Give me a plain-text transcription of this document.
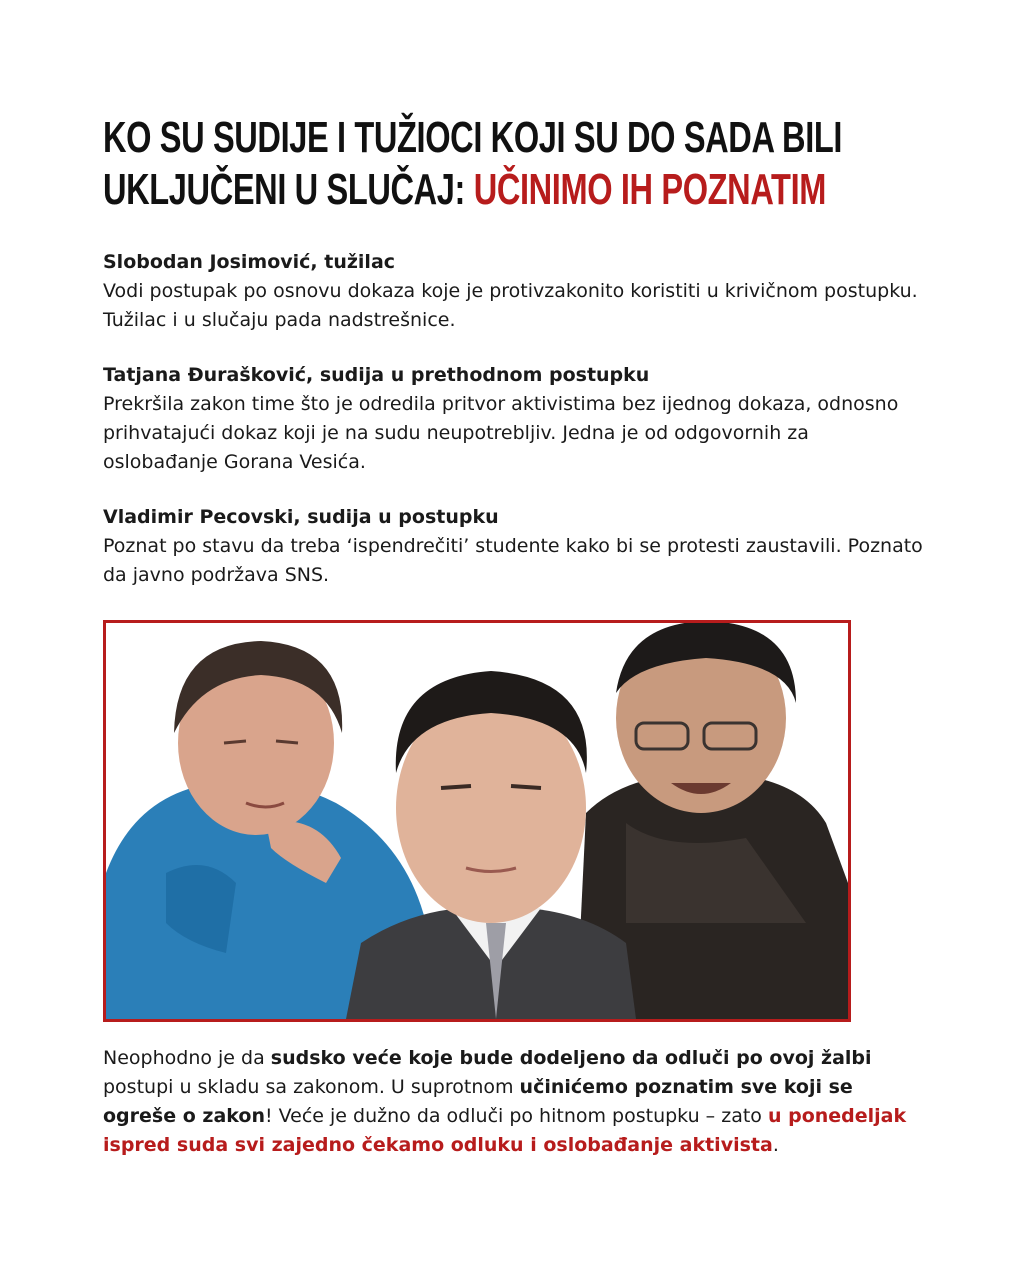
KO SU SUDIJE I TUŽIOCI KOJI SU DO SADA BILI
UKLJUČENI U SLUČAJ: UČINIMO IH POZNATIM
Slobodan Josimović, tužilac
Vodi postupak po osnovu dokaza koje je protivzakonito koristiti u krivičnom postupku. Tužilac i u slučaju pada nadstrešnice.
Tatjana Đurašković, sudija u prethodnom postupku
Prekršila zakon time što je odredila pritvor aktivistima bez ijednog dokaza, odnosno prihvatajući dokaz koji je na sudu neupotrebljiv. Jedna je od odgovornih za oslobađanje Gorana Vesića.
Vladimir Pecovski, sudija u postupku
Poznat po stavu da treba ‘ispendrečiti’ studente kako bi se protesti zaustavili. Poznato da javno podržava SNS.

Neophodno je da sudsko veće koje bude dodeljeno da odluči po ovoj žalbi postupi u skladu sa zakonom. U suprotnom učinićemo poznatim sve koji se ogreše o zakon! Veće je dužno da odluči po hitnom postupku – zato u ponedeljak ispred suda svi zajedno čekamo odluku i oslobađanje aktivista.
